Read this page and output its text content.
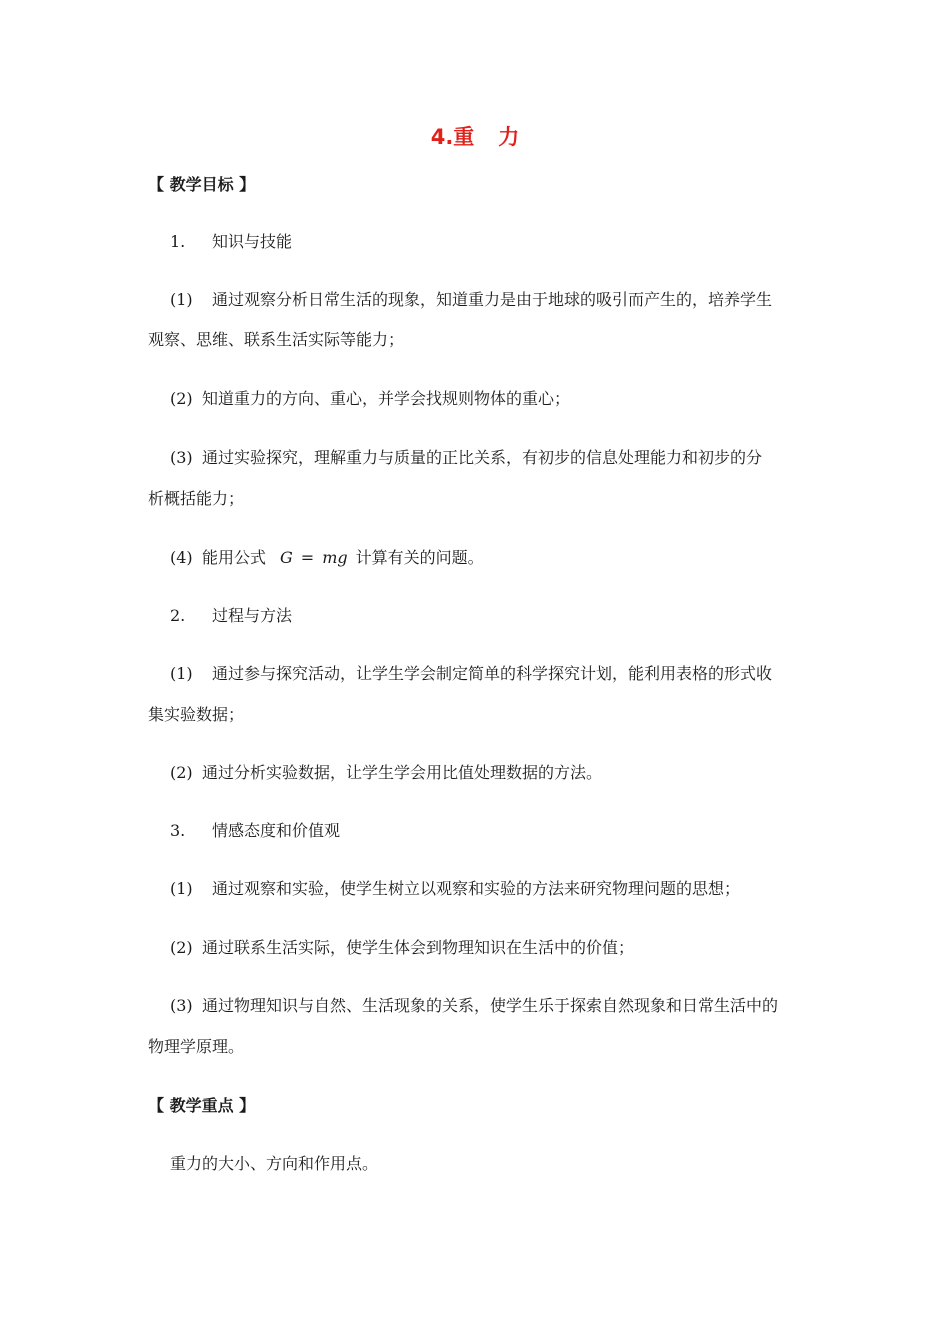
4.重 力
【 教学目标 】
1. 知识与技能
(1) 通过观察分析日常生活的现象，知道重力是由于地球的吸引而产生的，培养学生
观察、思维、联系生活实际等能力；
(2) 知道重力的方向、重心，并学会找规则物体的重心；
(3) 通过实验探究，理解重力与质量的正比关系，有初步的信息处理能力和初步的分
析概括能力；
(4) 能用公式 G = mg 计算有关的问题。
2. 过程与方法
(1) 通过参与探究活动，让学生学会制定简单的科学探究计划，能利用表格的形式收
集实验数据；
(2) 通过分析实验数据，让学生学会用比值处理数据的方法。
3. 情感态度和价值观
(1) 通过观察和实验，使学生树立以观察和实验的方法来研究物理问题的思想；
(2) 通过联系生活实际，使学生体会到物理知识在生活中的价值；
(3) 通过物理知识与自然、生活现象的关系，使学生乐于探索自然现象和日常生活中的
物理学原理。
【 教学重点 】
重力的大小、方向和作用点。
